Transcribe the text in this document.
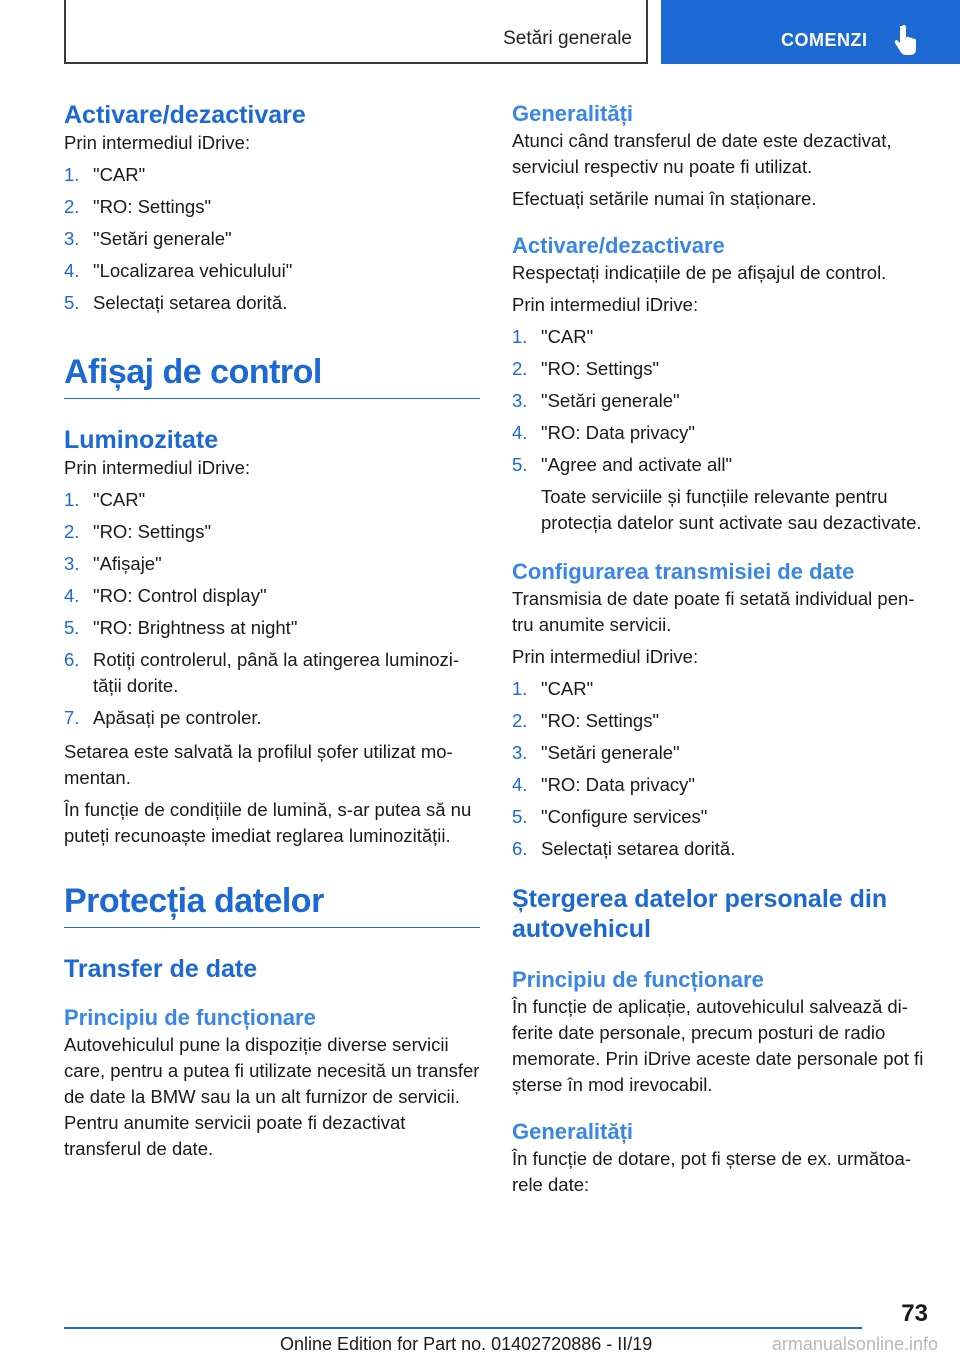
Setări generale	COMENZI
Activare/dezactivare

Prin intermediul iDrive:

1. "CAR"
2. "RO: Settings"
3. "Setări generale"
4. "Localizarea vehiculului"
5. Selectați setarea dorită.
Afișaj de control
Luminozitate

Prin intermediul iDrive:

1. "CAR"
2. "RO: Settings"
3. "Afișaje"
4. "RO: Control display"
5. "RO: Brightness at night"
6. Rotiți controlerul, până la atingerea luminozității dorite.
7. Apăsați pe controler.

Setarea este salvată la profilul șofer utilizat momentan.

În funcție de condițiile de lumină, s-ar putea să nu puteți recunoaște imediat reglarea luminozității.

Protecția datelor
Transfer de date
Principiu de funcționare

Autovehiculul pune la dispoziție diverse servicii care, pentru a putea fi utilizate necesită un transfer de date la BMW sau la un alt furnizor de servicii. Pentru anumite servicii poate fi dezactivat transferul de date.

Generalități

Atunci când transferul de date este dezactivat, serviciul respectiv nu poate fi utilizat.

Efectuați setările numai în staționare.

Activare/dezactivare

Respectați indicațiile de pe afișajul de control.

Prin intermediul iDrive:

1. "CAR"
2. "RO: Settings"
3. "Setări generale"
4. "RO: Data privacy"
5. "Agree and activate all"
Toate serviciile și funcțiile relevante pentru protecția datelor sunt activate sau dezactivate.
Configurarea transmisiei de date

Transmisia de date poate fi setată individual pentru anumite servicii.

Prin intermediul iDrive:

1. "CAR"
2. "RO: Settings"
3. "Setări generale"
4. "RO: Data privacy"
5. "Configure services"
6. Selectați setarea dorită.
Ștergerea datelor personale din autovehicul
Principiu de funcționare

În funcție de aplicație, autovehiculul salvează diferite date personale, precum posturi de radio memorate. Prin iDrive aceste date personale pot fi șterse în mod irevocabil.

Generalități

În funcție de dotare, pot fi șterse de ex. următoarele date:

73
Online Edition for Part no. 01402720886 - II/19	armanualsonline.info
